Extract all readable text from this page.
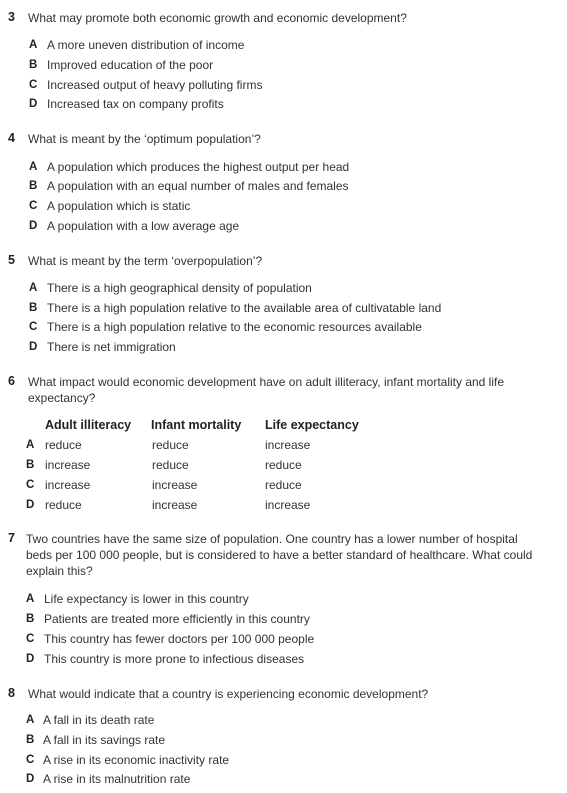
3 What may promote both economic growth and economic development?
A A more uneven distribution of income
B Improved education of the poor
C Increased output of heavy polluting firms
D Increased tax on company profits
4 What is meant by the ‘optimum population’?
A A population which produces the highest output per head
B A population with an equal number of males and females
C A population which is static
D A population with a low average age
5 What is meant by the term ‘overpopulation’?
A There is a high geographical density of population
B There is a high population relative to the available area of cultivatable land
C There is a high population relative to the economic resources available
D There is net immigration
6 What impact would economic development have on adult illiteracy, infant mortality and life
expectancy?
Adult illiteracy Infant mortality Life expectancy
A reduce	reduce	increase
B increase	reduce	reduce
C increase	increase	reduce
D reduce	increase	increase
7 Two countries have the same size of population. One country has a lower number of hospital
beds per 100 000 people, but is considered to have a better standard of healthcare. What could
explain this?
A Life expectancy is lower in this country
B Patients are treated more efficiently in this country
C This country has fewer doctors per 100 000 people
D This country is more prone to infectious diseases
8 What would indicate that a country is experiencing economic development?
A A fall in its death rate
B A fall in its savings rate
C A rise in its economic inactivity rate
D A rise in its malnutrition rate
